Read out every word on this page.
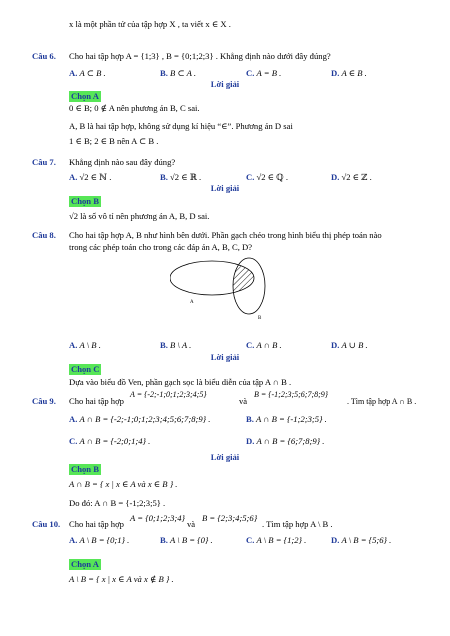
x là một phần tử của tập hợp X , ta viết x ∈ X .
Câu 6. Cho hai tập hợp A = {1;3} , B = {0;1;2;3} . Khẳng định nào dưới đây đúng?
A. A ⊂ B .	B. B ⊂ A .	C. A = B .	D. A ∈ B .
Lời giải
Chọn A
0 ∈ B; 0 ∉ A nên phương án B, C sai.
A, B là hai tập hợp, không sử dụng kí hiệu “∈”. Phương án D sai
1 ∈ B; 2 ∈ B nên A ⊂ B .
Câu 7. Khẳng định nào sau đây đúng?
A. √2 ∈ ℕ .	B. √2 ∈ ℝ .	C. √2 ∈ ℚ .	D. √2 ∈ ℤ .
Lời giải
Chọn B
√2 là số vô tỉ nên phương án A, B, D sai.
Câu 8. Cho hai tập hợp A, B như hình bên dưới. Phần gạch chéo trong hình biểu thị phép toán nào
trong các phép toán cho trong các đáp án A, B, C, D?
A
B
A. A \ B .	B. B \ A .	C. A ∩ B .	D. A ∪ B .
Lời giải
Chọn C
Dựa vào biểu đồ Ven, phần gạch sọc là biểu diễn của tập A ∩ B .
Câu 9. Cho hai tập hợp
A = {-2;-1;0;1;2;3;4;5}
và
B = {-1;2;3;5;6;7;8;9}
. Tìm tập hợp A ∩ B .
A. A ∩ B = {-2;-1;0;1;2;3;4;5;6;7;8;9} .	B. A ∩ B = {-1;2;3;5} .
C. A ∩ B = {-2;0;1;4} .	D. A ∩ B = {6;7;8;9} .
Lời giải
Chọn B
A ∩ B = { x | x ∈ A và x ∈ B } .
Do đó: A ∩ B = {-1;2;3;5} .
Câu 10. Cho hai tập hợp
A = {0;1;2;3;4}
và
B = {2;3;4;5;6}
. Tìm tập hợp A \ B .
A. A \ B = {0;1} .	B. A \ B = {0} .	C. A \ B = {1;2} .	D. A \ B = {5;6} .
Chọn A
A \ B = { x | x ∈ A và x ∉ B } .
